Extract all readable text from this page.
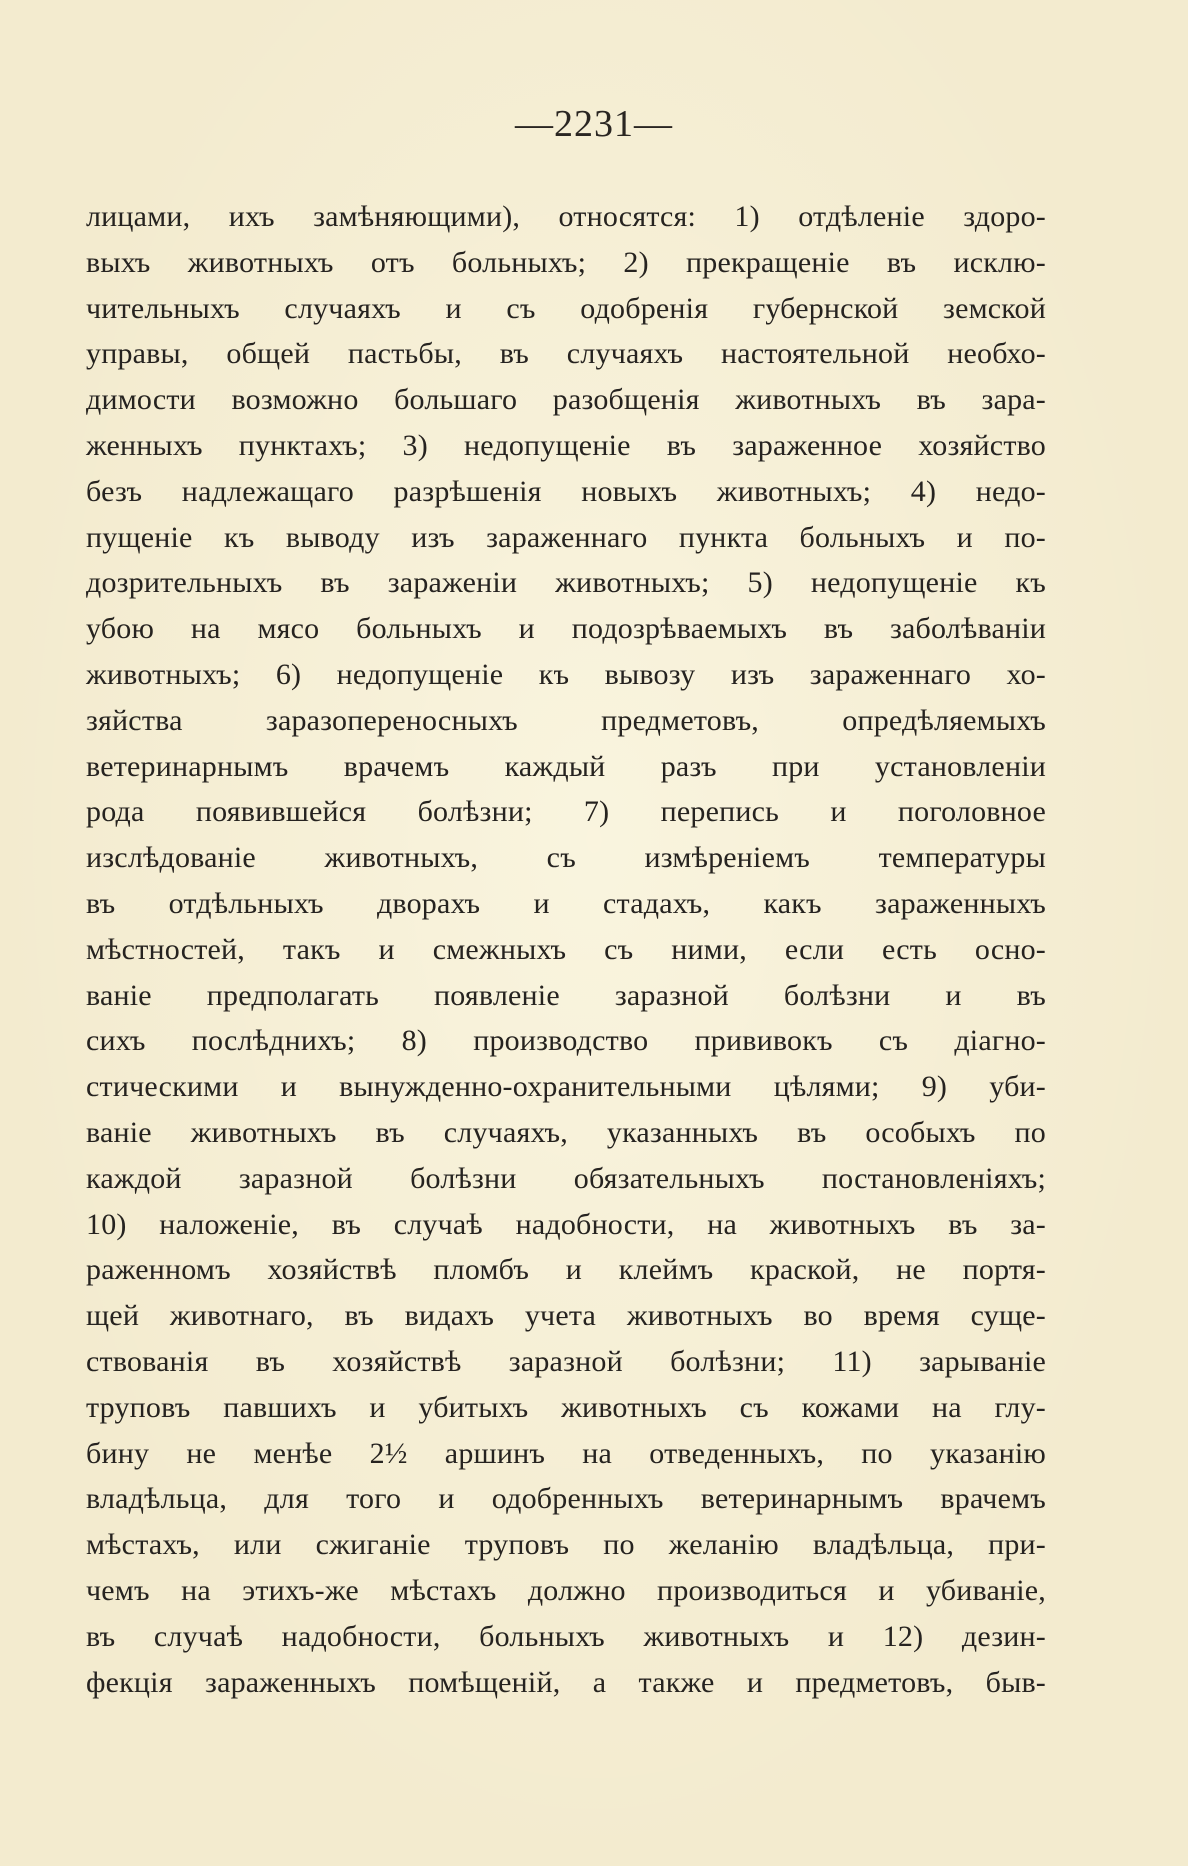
—2231—
лицами, ихъ замѣняющими), относятся: 1) отдѣленіе здоро-
выхъ животныхъ отъ больныхъ; 2) прекращеніе въ исклю-
чительныхъ случаяхъ и съ одобренія губернской земской
управы, общей пастьбы, въ случаяхъ настоятельной необхо-
димости возможно большаго разобщенія животныхъ въ зара-
женныхъ пунктахъ; 3) недопущеніе въ зараженное хозяйство
безъ надлежащаго разрѣшенія новыхъ животныхъ; 4) недо-
пущеніе къ выводу изъ зараженнаго пункта больныхъ и по-
дозрительныхъ въ зараженіи животныхъ; 5) недопущеніе къ
убою на мясо больныхъ и подозрѣваемыхъ въ заболѣваніи
животныхъ; 6) недопущеніе къ вывозу изъ зараженнаго хо-
зяйства заразопереносныхъ предметовъ, опредѣляемыхъ
ветеринарнымъ врачемъ каждый разъ при установленіи
рода появившейся болѣзни; 7) перепись и поголовное
изслѣдованіе животныхъ, съ измѣреніемъ температуры
въ отдѣльныхъ дворахъ и стадахъ, какъ зараженныхъ
мѣстностей, такъ и смежныхъ съ ними, если есть осно-
ваніе предполагать появленіе заразной болѣзни и въ
сихъ послѣднихъ; 8) производство прививокъ съ діагно-
стическими и вынужденно-охранительными цѣлями; 9) уби-
ваніе животныхъ въ случаяхъ, указанныхъ въ особыхъ по
каждой заразной болѣзни обязательныхъ постановленіяхъ;
10) наложеніе, въ случаѣ надобности, на животныхъ въ за-
раженномъ хозяйствѣ пломбъ и клеймъ краской, не портя-
щей животнаго, въ видахъ учета животныхъ во время суще-
ствованія въ хозяйствѣ заразной болѣзни; 11) зарываніе
труповъ павшихъ и убитыхъ животныхъ съ кожами на глу-
бину не менѣе 2½ аршинъ на отведенныхъ, по указанію
владѣльца, для того и одобренныхъ ветеринарнымъ врачемъ
мѣстахъ, или сжиганіе труповъ по желанію владѣльца, при-
чемъ на этихъ-же мѣстахъ должно производиться и убиваніе,
въ случаѣ надобности, больныхъ животныхъ и 12) дезин-
фекція зараженныхъ помѣщеній, а также и предметовъ, быв-
